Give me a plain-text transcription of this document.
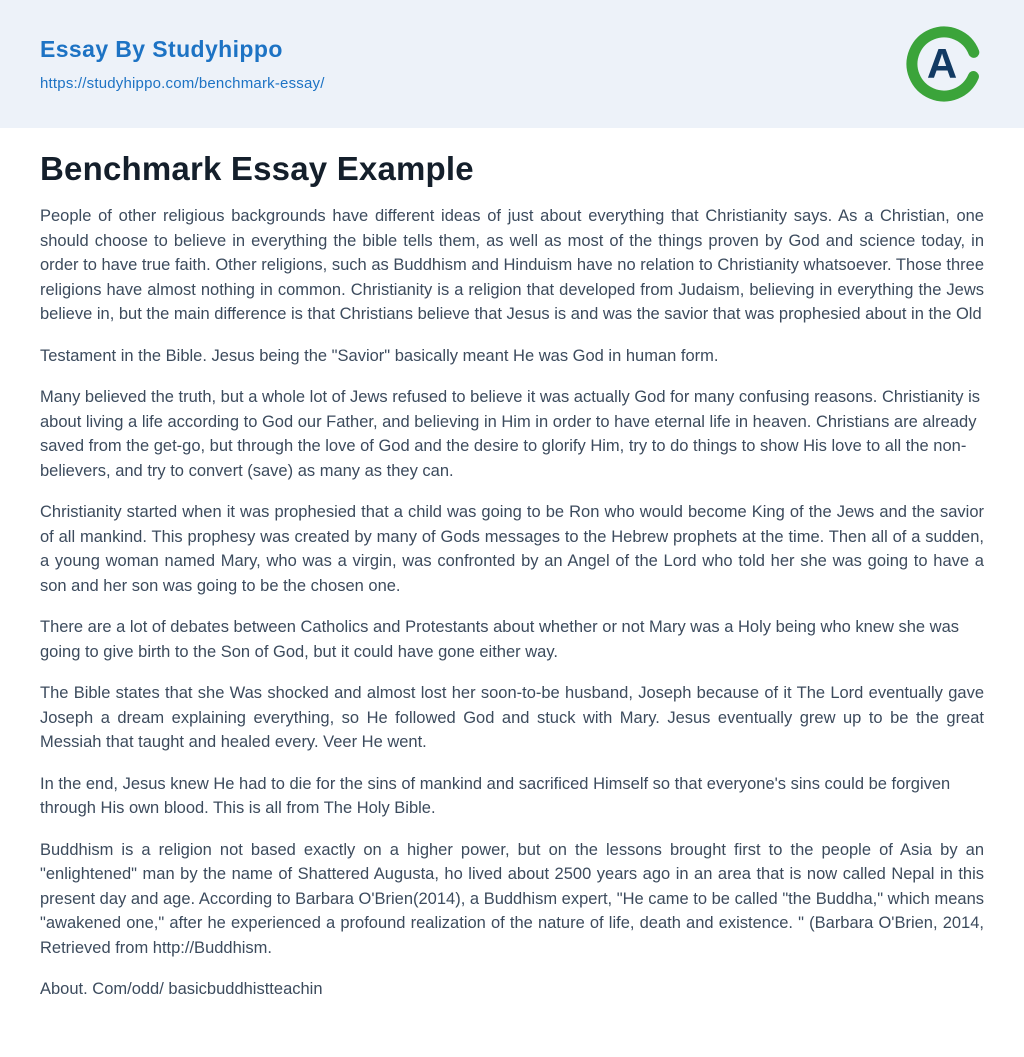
Essay By Studyhippo
https://studyhippo.com/benchmark-essay/	A
Benchmark Essay Example

People of other religious backgrounds have different ideas of just about everything that Christianity says. As a Christian, one should choose to believe in everything the bible tells them, as well as most of the things proven by God and science today, in order to have true faith. Other religions, such as Buddhism and Hinduism have no relation to Christianity whatsoever. Those three religions have almost nothing in common. Christianity is a religion that developed from Judaism, believing in everything the Jews believe in, but the main difference is that Christians believe that Jesus is and was the savior that was prophesied about in the Old

Testament in the Bible. Jesus being the "Savior" basically meant He was God in human form.

Many believed the truth, but a whole lot of Jews refused to believe it was actually God for many confusing reasons. Christianity is about living a life according to God our Father, and believing in Him in order to have eternal life in heaven. Christians are already saved from the get-go, but through the love of God and the desire to glorify Him, try to do things to show His love to all the non-believers, and try to convert (save) as many as they can.

Christianity started when it was prophesied that a child was going to be Ron who would become King of the Jews and the savior of all mankind. This prophesy was created by many of Gods messages to the Hebrew prophets at the time. Then all of a sudden, a young woman named Mary, who was a virgin, was confronted by an Angel of the Lord who told her she was going to have a son and her son was going to be the chosen one.

There are a lot of debates between Catholics and Protestants about whether or not Mary was a Holy being who knew she was going to give birth to the Son of God, but it could have gone either way.

The Bible states that she Was shocked and almost lost her soon-to-be husband, Joseph because of it The Lord eventually gave Joseph a dream explaining everything, so He followed God and stuck with Mary. Jesus eventually grew up to be the great Messiah that taught and healed every. Veer He went.

In the end, Jesus knew He had to die for the sins of mankind and sacrificed Himself so that everyone's sins could be forgiven through His own blood. This is all from The Holy Bible.

Buddhism is a religion not based exactly on a higher power, but on the lessons brought first to the people of Asia by an "enlightened" man by the name of Shattered Augusta, ho lived about 2500 years ago in an area that is now called Nepal in this present day and age. According to Barbara O'Brien(2014), a Buddhism expert, "He came to be called "the Buddha," which means "awakened one," after he experienced a profound realization of the nature of life, death and existence. " (Barbara O'Brien, 2014, Retrieved from http://Buddhism.

About. Com/odd/ basicbuddhistteachin
